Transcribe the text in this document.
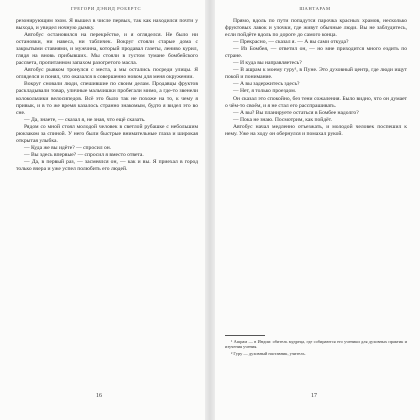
ГРЕГОРИ ДЭВИД РОБЕРТС

резонирующим эхом. Я вышел в числе первых, так как находился почти у выхода, и увидел ночную дымку.

Автобус остановился на перекрёстке, и я огляделся. Не было ни остановки, ни навеса, ни табличек. Вокруг стояли старые дома с закрытыми ставнями, и мужчина, который продавал газеты, лениво курил, глядя на вновь прибывших. Мы стояли в густом тумане бомбейского рассвета, пропитанном запахом разогретого масла.

Автобус рывком тронулся с места, а мы остались посреди улицы. Я огляделся и понял, что оказался в совершенно новом для меня окружении.

Вокруг сновали люди, спешившие по своим делам. Продавцы фруктов раскладывали товар, уличные мальчишки пробегали мимо, а где-то звенели колокольчики велосипедов. Всё это было так не похоже на то, к чему я привык, и в то же время казалось странно знакомым, будто я видел это во сне.

— Да, знаете, — сказал я, не зная, что ещё сказать.

Рядом со мной стоял молодой человек в светлой рубашке с небольшим рюкзаком за спиной. У него были быстрые внимательные глаза и широкая открытая улыбка.

— Куда же вы идёте? — спросил он.

— Вы здесь впервые? — спросил я вместо ответа.

— Да, в первый раз, — засмеялся он, — как и вы. Я приехал в город только вчера и уже успел полюбить его людей.

16
ШАНТАРАМ

Прямо, вдоль по пути попадутся парочка красных храмов, несколько фруктовых лавок и улочки, где живут обычные люди. Вы не заблудитесь, если пойдёте вдоль по дороге до самого конца.

— Прекрасно, — сказал я. — А вы сами откуда?

— Из Бомбея, — ответил он, — но мне приходится много ездить по стране.

— И куда вы направляетесь?

— В ашрам к моему гуру¹, в Пуне. Это духовный центр, где люди ищут покой и понимание.

— А вы задержитесь здесь?

— Нет, я только проездом.

Он сказал это спокойно, без тени сожаления. Было видно, что он думает о чём-то своём, и я не стал его расспрашивать.

— А вы? Вы планируете остаться в Бомбее надолго?

— Пока не знаю. Посмотрим, как пойдёт.

Автобус начал медленно отъезжать, и молодой человек поспешил к нему. Уже на ходу он обернулся и помахал рукой.

¹ Ашрам — в Индии: обитель мудреца, где собираются его ученики для духовных практик и изучения учения.

² Гуру — духовный наставник, учитель.

17
